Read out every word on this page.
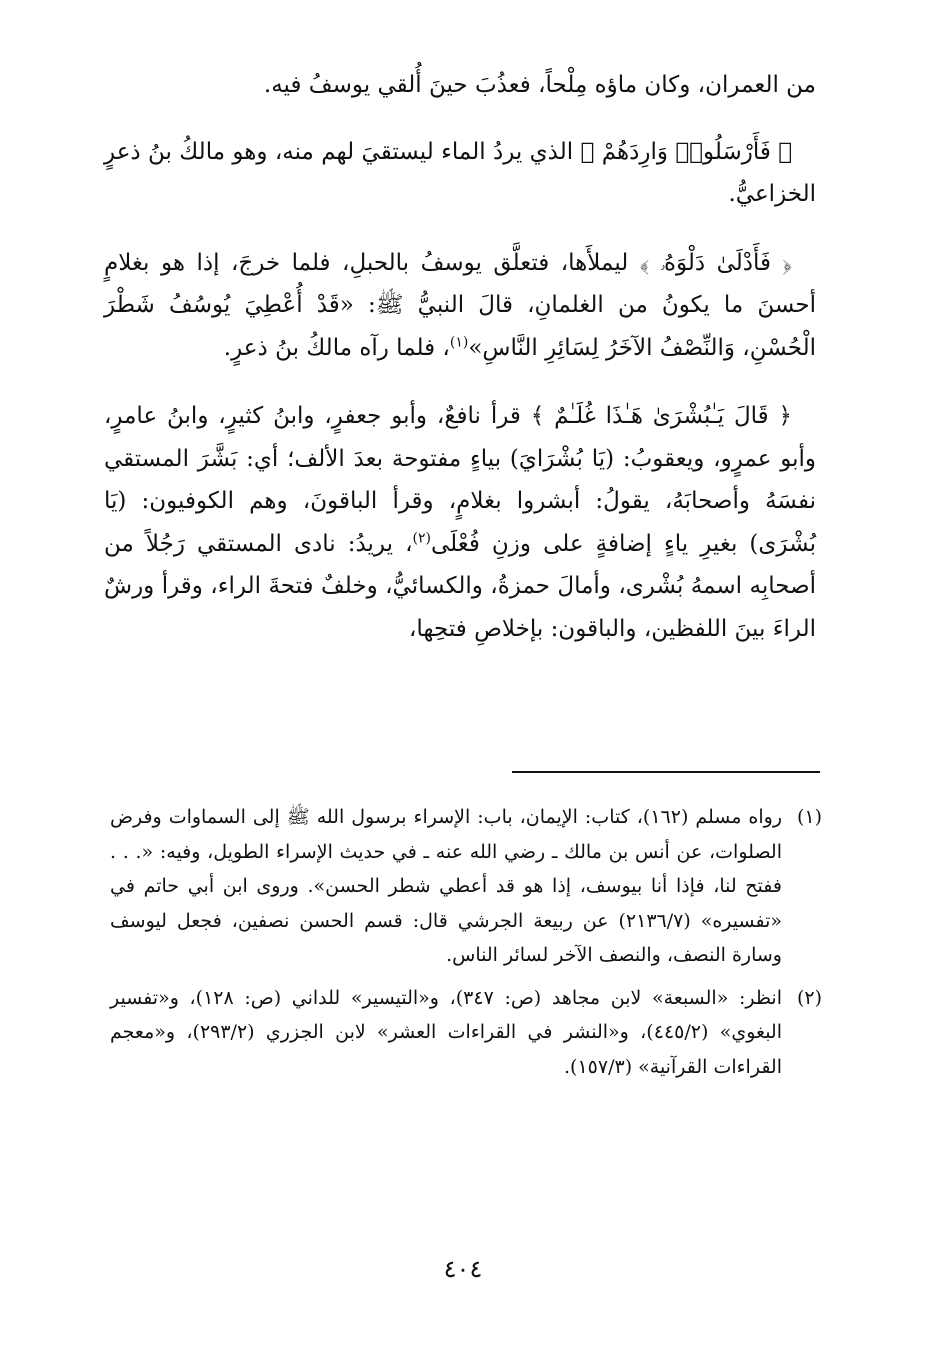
من العمران، وكان ماؤه مِلْحاً، فعذُبَ حينَ أُلقي يوسفُ فيه.

﴿ فَأَرْسَلُوا۟ وَارِدَهُمْ ﴾ الذي يردُ الماء ليستقيَ لهم منه، وهو مالكُ بنُ ذعرٍ الخزاعيُّ.

﴿ فَأَدْلَىٰ دَلْوَهُۥ ﴾ ليملأَها، فتعلَّق يوسفُ بالحبلِ، فلما خرجَ، إذا هو بغلامٍ أحسنَ ما يكونُ من الغلمانِ، قالَ النبيُّ ﷺ: «قَدْ أُعْطِيَ يُوسُفُ شَطْرَ الْحُسْنِ، وَالنِّصْفُ الآخَرُ لِسَائِرِ النَّاسِ»$^{(١)}$، فلما رآه مالكُ بنُ ذعرٍ.

﴿ قَالَ يَـٰبُشْرَىٰ هَـٰذَا غُلَـٰمٌ ﴾ قرأ نافعٌ، وأبو جعفرٍ، وابنُ كثيرٍ، وابنُ عامرٍ، وأبو عمرٍو، ويعقوبُ: (يَا بُشْرَايَ) بياءٍ مفتوحة بعدَ الألف؛ أي: بَشَّرَ المستقي نفسَهُ وأصحابَهُ، يقولُ: أبشروا بغلامٍ، وقرأ الباقونَ، وهم الكوفيون: (يَا بُشْرَى) بغيرِ ياءٍ إضافةٍ على وزنِ فُعْلَى$^{(٢)}$، يريدُ: نادى المستقي رَجُلاً من أصحابِه اسمهُ بُشْرى، وأمالَ حمزةُ، والكسائيُّ، وخلفٌ فتحةَ الراء، وقرأ ورشٌ الراءَ بينَ اللفظين، والباقون: بإخلاصِ فتحِها،

(١)
رواه مسلم (١٦٢)، كتاب: الإيمان، باب: الإسراء برسول الله ﷺ إلى السماوات وفرض الصلوات، عن أنس بن مالك ـ رضي الله عنه ـ في حديث الإسراء الطويل، وفيه: «. . . ففتح لنا، فإذا أنا بيوسف، إذا هو قد أعطي شطر الحسن». وروى ابن أبي حاتم في «تفسيره» (٢١٣٦/٧) عن ربيعة الجرشي قال: قسم الحسن نصفين، فجعل ليوسف وسارة النصف، والنصف الآخر لسائر الناس.
(٢)
انظر: «السبعة» لابن مجاهد (ص: ٣٤٧)، و«التيسير» للداني (ص: ١٢٨)، و«تفسير البغوي» (٤٤٥/٢)، و«النشر في القراءات العشر» لابن الجزري (٢٩٣/٢)، و«معجم القراءات القرآنية» (١٥٧/٣).
٤٠٤
